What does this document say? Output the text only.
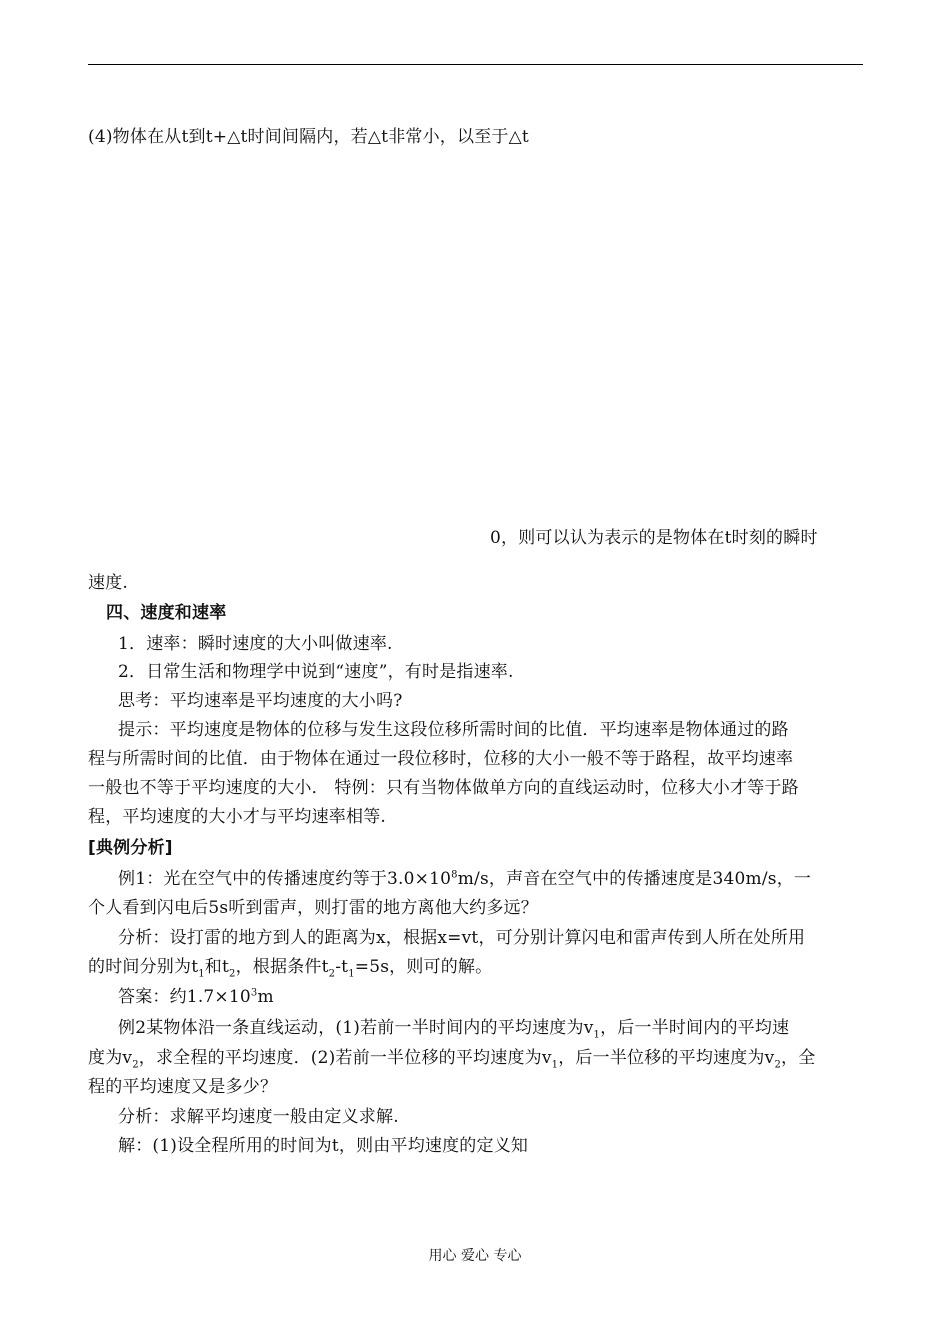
(4)物体在从t到t+△t时间间隔内，若△t非常小，以至于△t
0，则可以认为表示的是物体在t时刻的瞬时
速度.
四、速度和速率
1．速率：瞬时速度的大小叫做速率.
2．日常生活和物理学中说到“速度”，有时是指速率.
思考：平均速率是平均速度的大小吗?
提示：平均速度是物体的位移与发生这段位移所需时间的比值．平均速率是物体通过的路
程与所需时间的比值．由于物体在通过一段位移时，位移的大小一般不等于路程，故平均速率
一般也不等于平均速度的大小． 特例：只有当物体做单方向的直线运动时，位移大小才等于路
程，平均速度的大小才与平均速率相等.
[典例分析]
例1：光在空气中的传播速度约等于$3.0\times 10^8m/s$，声音在空气中的传播速度是340m/s，一
个人看到闪电后5s听到雷声，则打雷的地方离他大约多远？
分析：设打雷的地方到人的距离为x，根据x=vt，可分别计算闪电和雷声传到人所在处所用
的时间分别为$t_1$和$t_2$，根据条件$t_2-t_1=5s$，则可的解。
答案：约$1.7\times 10^3m$
例2某物体沿一条直线运动，(1)若前一半时间内的平均速度为$v_1$，后一半时间内的平均速
度为$v_2$，求全程的平均速度．(2)若前一半位移的平均速度为$v_1$，后一半位移的平均速度为$v_2$，全
程的平均速度又是多少？
分析：求解平均速度一般由定义求解.
解：(1)设全程所用的时间为t，则由平均速度的定义知
用心 爱心 专心
